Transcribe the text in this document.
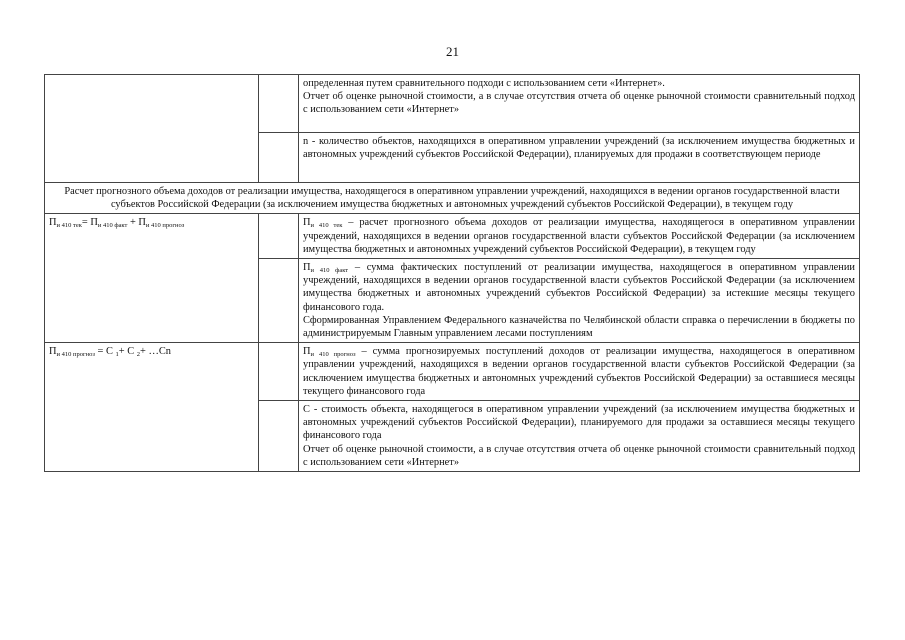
21

		определенная путем сравнительного подходи с использованием сети «Интернет».

Отчет об оценке рыночной стоимости, а в случае отсутствия отчета об оценке рыночной стоимости сравнительный подход с использованием сети «Интернет»

		n - количество объектов, находящихся в оперативном управлении учреждений (за исключением имущества бюджетных и автономных учреждений субъектов Российской Федерации), планируемых для продажи в соответствующем периоде

Расчет прогнозного объема доходов от реализации имущества, находящегося в оперативном управлении учреждений, находящихся в ведении органов государственной власти субъектов Российской Федерации (за исключением имущества бюджетных и автономных учреждений субъектов Российской Федерации), в текущем году		
$П_{и 410 тек}= П_{и 410 факт} + П_{и 410 прогноз}$		$П_{и 410 тек}$ – расчет прогнозного объема доходов от реализации имущества, находящегося в оперативном управлении учреждений, находящихся в ведении органов государственной власти субъектов Российской Федерации (за исключением имущества бюджетных и автономных учреждений субъектов Российской Федерации), в текущем году

		$П_{и 410 факт}$ – сумма фактических поступлений от реализации имущества, находящегося в оперативном управлении учреждений, находящихся в ведении органов государственной власти субъектов Российской Федерации (за исключением имущества бюджетных и автономных учреждений субъектов Российской Федерации) за истекшие месяцы текущего финансового года.

Сформированная Управлением Федерального казначейства по Челябинской области справка о перечислении в бюджеты по администрируемым Главным управлением лесами поступлениям

$П_{и 410 прогноз} = С$ $_1$+ С $_2$+ …Сn		$П_{и 410 прогноз}$ – сумма прогнозируемых поступлений доходов от реализации имущества, находящегося в оперативном управлении учреждений, находящихся в ведении органов государственной власти субъектов Российской Федерации (за исключением имущества бюджетных и автономных учреждений субъектов Российской Федерации) за оставшиеся месяцы текущего финансового года

		С - стоимость объекта, находящегося в оперативном управлении учреждений (за исключением имущества бюджетных и автономных учреждений субъектов Российской Федерации), планируемого для продажи за оставшиеся месяцы текущего финансового года

Отчет об оценке рыночной стоимости, а в случае отсутствия отчета об оценке рыночной стоимости сравнительный подход с использованием сети «Интернет»
